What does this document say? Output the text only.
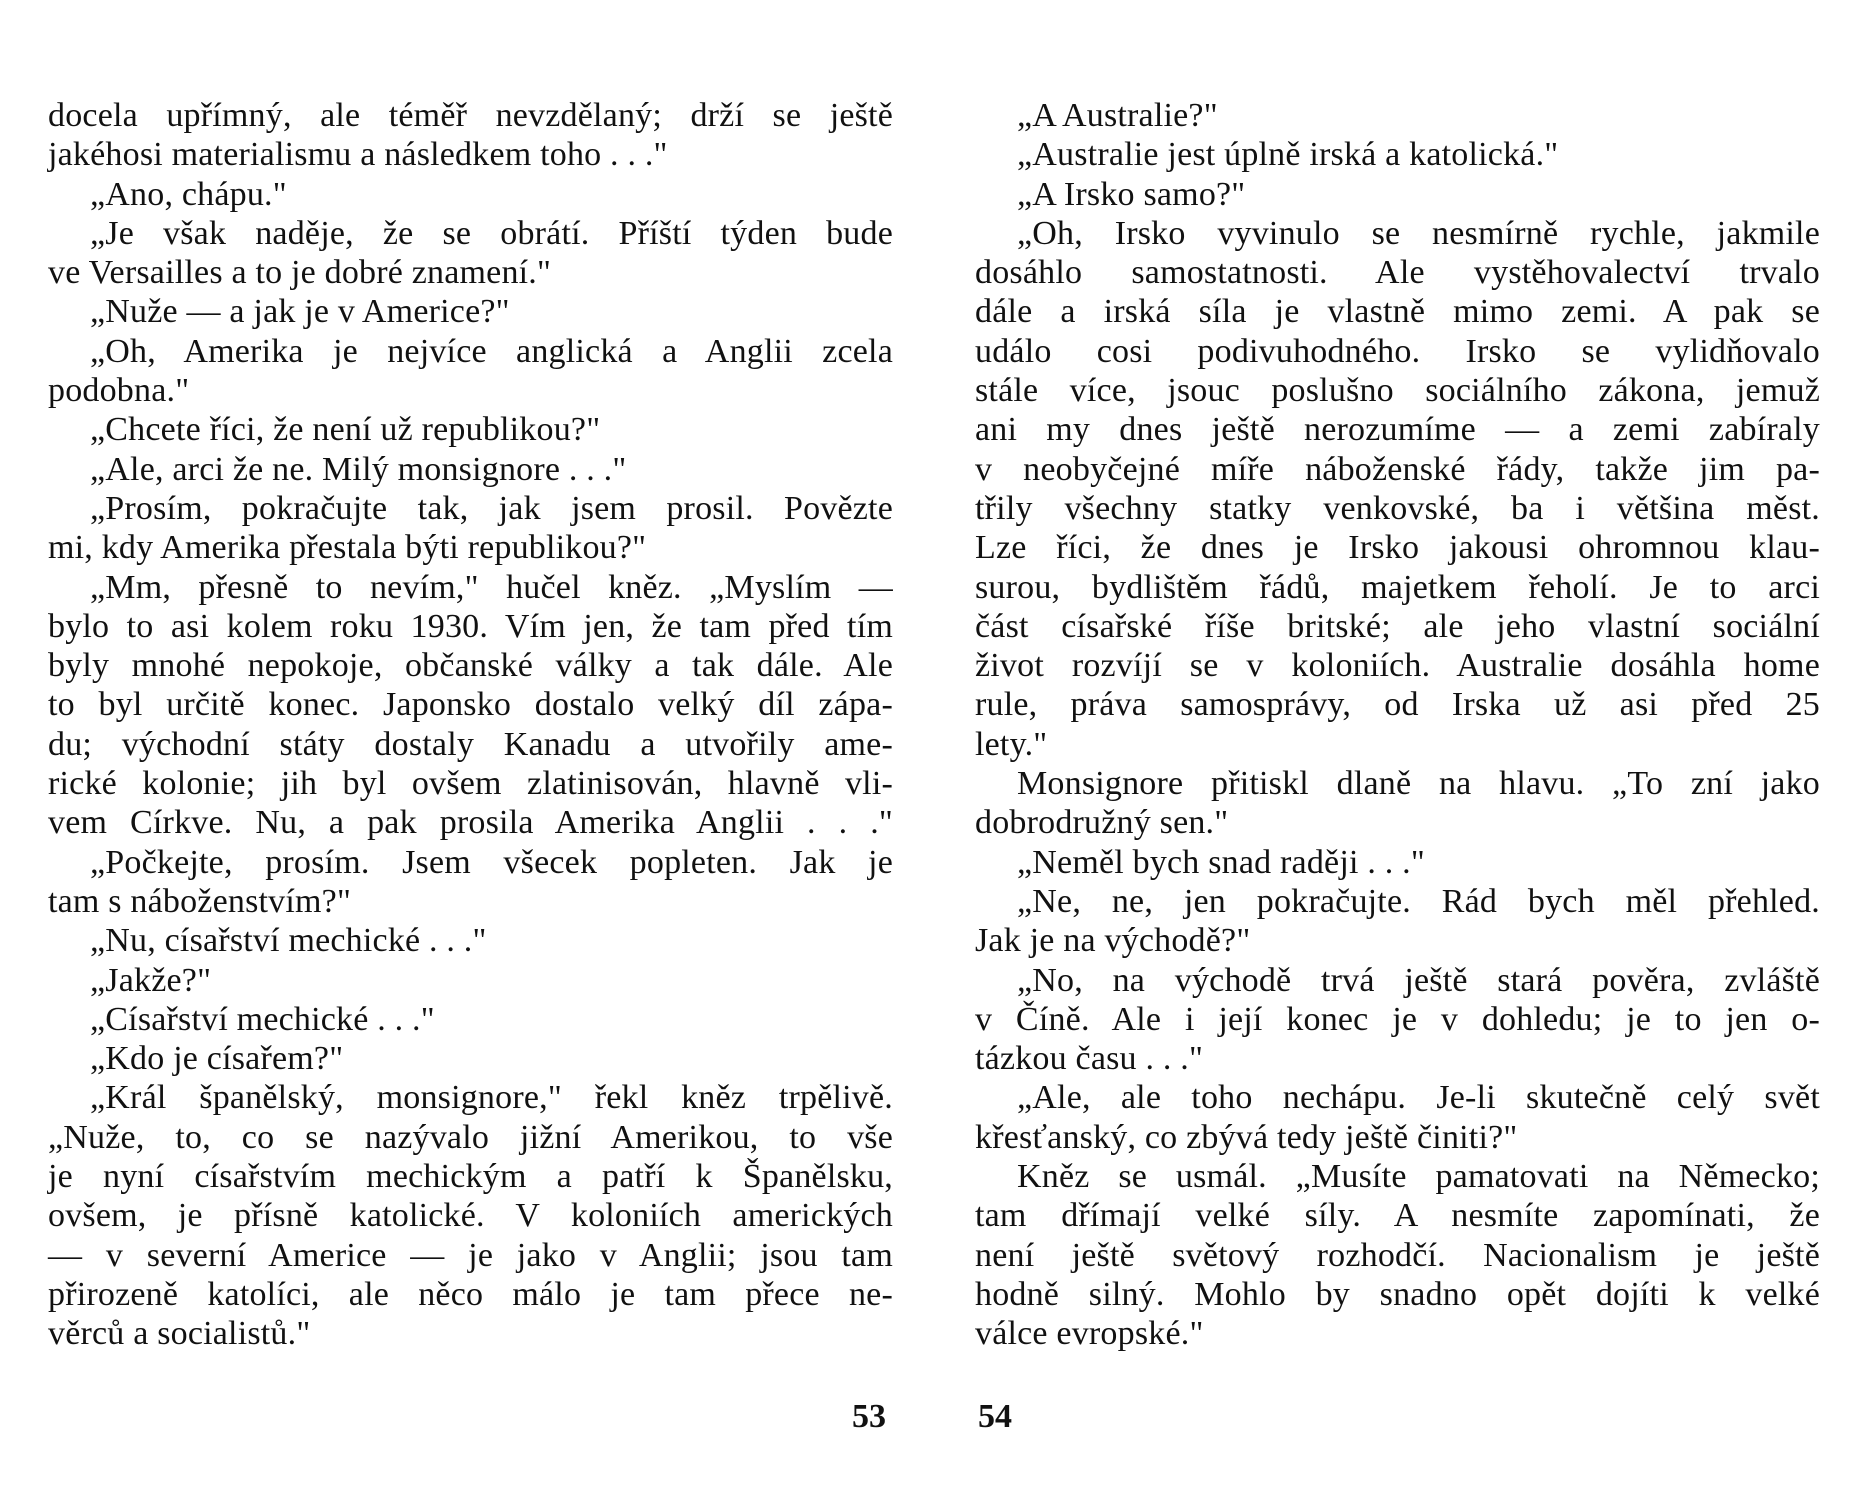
docela upřímný, ale téměř nevzdělaný; drží se ještě
jakéhosi materialismu a následkem toho . . ."
„Ano, chápu."
„Je však naděje, že se obrátí. Příští týden bude
ve Versailles a to je dobré znamení."
„Nuže — a jak je v Americe?"
„Oh, Amerika je nejvíce anglická a Anglii zcela
podobna."
„Chcete říci, že není už republikou?"
„Ale, arci že ne. Milý monsignore . . ."
„Prosím, pokračujte tak, jak jsem prosil. Povězte
mi, kdy Amerika přestala býti republikou?"
„Mm, přesně to nevím," hučel kněz. „Myslím —
bylo to asi kolem roku 1930. Vím jen, že tam před tím
byly mnohé nepokoje, občanské války a tak dále. Ale
to byl určitě konec. Japonsko dostalo velký díl zápa-
du; východní státy dostaly Kanadu a utvořily ame-
rické kolonie; jih byl ovšem zlatinisován, hlavně vli-
vem Církve. Nu, a pak prosila Amerika Anglii . . ."
„Počkejte, prosím. Jsem všecek popleten. Jak je
tam s náboženstvím?"
„Nu, císařství mechické . . ."
„Jakže?"
„Císařství mechické . . ."
„Kdo je císařem?"
„Král španělský, monsignore," řekl kněz trpělivě.
„Nuže, to, co se nazývalo jižní Amerikou, to vše
je nyní císařstvím mechickým a patří k Španělsku,
ovšem, je přísně katolické. V koloniích amerických
— v severní Americe — je jako v Anglii; jsou tam
přirozeně katolíci, ale něco málo je tam přece ne-
věrců a socialistů."
53
„A Australie?"
„Australie jest úplně irská a katolická."
„A Irsko samo?"
„Oh, Irsko vyvinulo se nesmírně rychle, jakmile
dosáhlo samostatnosti. Ale vystěhovalectví trvalo
dále a irská síla je vlastně mimo zemi. A pak se
událo cosi podivuhodného. Irsko se vylidňovalo
stále více, jsouc poslušno sociálního zákona, jemuž
ani my dnes ještě nerozumíme — a zemi zabíraly
v neobyčejné míře náboženské řády, takže jim pa-
třily všechny statky venkovské, ba i většina měst.
Lze říci, že dnes je Irsko jakousi ohromnou klau-
surou, bydlištěm řádů, majetkem řeholí. Je to arci
část císařské říše britské; ale jeho vlastní sociální
život rozvíjí se v koloniích. Australie dosáhla home
rule, práva samosprávy, od Irska už asi před 25
lety."
Monsignore přitiskl dlaně na hlavu. „To zní jako
dobrodružný sen."
„Neměl bych snad raději . . ."
„Ne, ne, jen pokračujte. Rád bych měl přehled.
Jak je na východě?"
„No, na východě trvá ještě stará pověra, zvláště
v Číně. Ale i její konec je v dohledu; je to jen o-
tázkou času . . ."
„Ale, ale toho nechápu. Je-li skutečně celý svět
křesťanský, co zbývá tedy ještě činiti?"
Kněz se usmál. „Musíte pamatovati na Německo;
tam dřímají velké síly. A nesmíte zapomínati, že
není ještě světový rozhodčí. Nacionalism je ještě
hodně silný. Mohlo by snadno opět dojíti k velké
válce evropské."
54
